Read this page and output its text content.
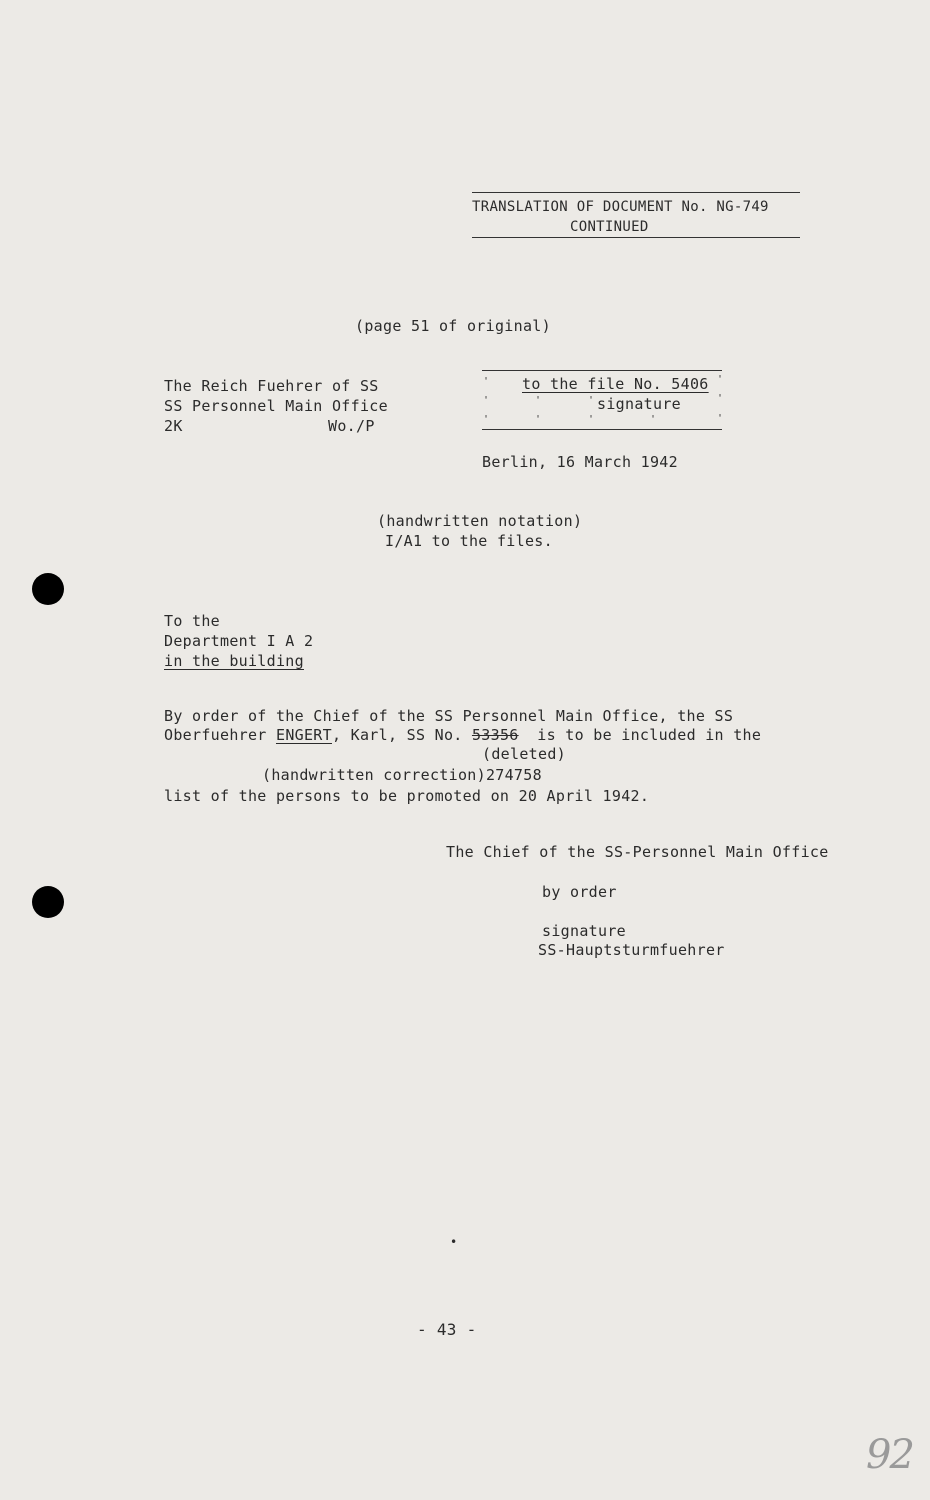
TRANSLATION OF DOCUMENT No. NG-749
CONTINUED
(page 51 of original)
The Reich Fuehrer of SS
SS Personnel Main Office
2K	Wo./P
to the file No. 5406
signature
'	'
'	'	'	'
'	'	'	'	'
Berlin, 16 March 1942
(handwritten notation)
I/A1 to the files.
To the
Department I A 2
in the building
By order of the Chief of the SS Personnel Main Office, the SS
Oberfuehrer ENGERT, Karl, SS No. 53356  is to be included in the
(deleted)
(handwritten correction)274758
list of the persons to be promoted on 20 April 1942.
The Chief of the SS-Personnel Main Office
by order
signature
SS-Hauptsturmfuehrer
•
- 43 -
92
